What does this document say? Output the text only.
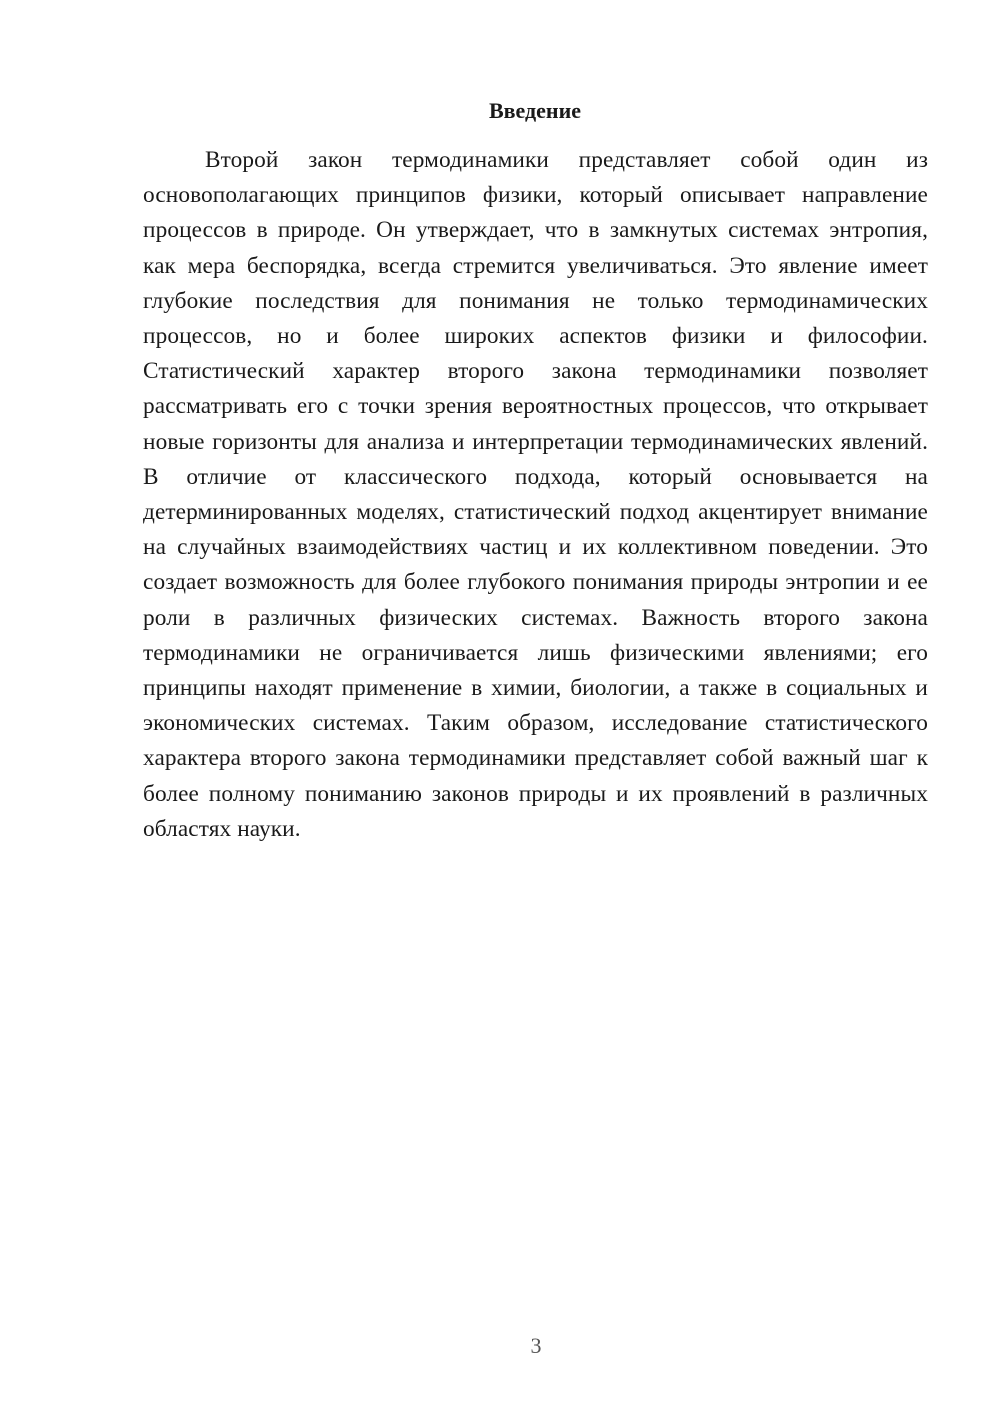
Введение

Второй закон термодинамики представляет собой один из основополагающих принципов физики, который описывает направление процессов в природе. Он утверждает, что в замкнутых системах энтропия, как мера беспорядка, всегда стремится увеличиваться. Это явление имеет глубокие последствия для понимания не только термодинамических процессов, но и более широких аспектов физики и философии. Статистический характер второго закона термодинамики позволяет рассматривать его с точки зрения вероятностных процессов, что открывает новые горизонты для анализа и интерпретации термодинамических явлений. В отличие от классического подхода, который основывается на детерминированных моделях, статистический подход акцентирует внимание на случайных взаимодействиях частиц и их коллективном поведении. Это создает возможность для более глубокого понимания природы энтропии и ее роли в различных физических системах. Важность второго закона термодинамики не ограничивается лишь физическими явлениями; его принципы находят применение в химии, биологии, а также в социальных и экономических системах. Таким образом, исследование статистического характера второго закона термодинамики представляет собой важный шаг к более полному пониманию законов природы и их проявлений в различных областях науки.

3
